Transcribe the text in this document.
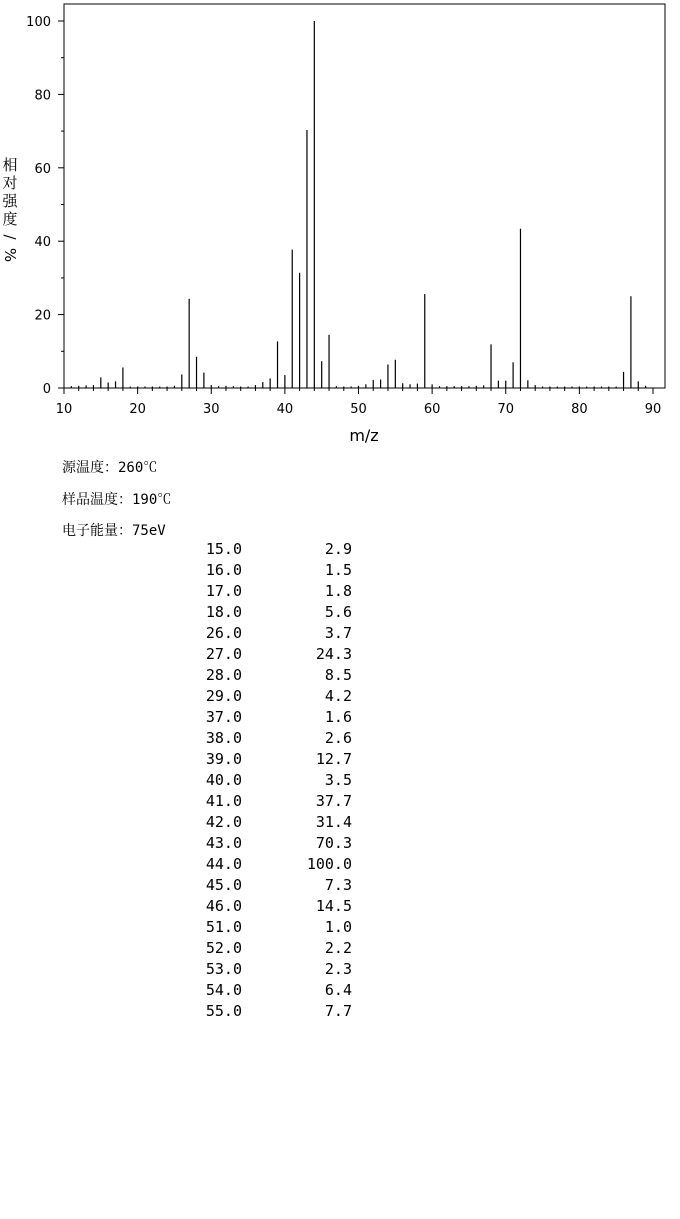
10	20	30	40	50	60	70	80	90
0
20
40
60
80
100
m/z
相
对
强
度
/
%
源温度：260℃
样品温度：190℃
电子能量：75eV
15.0	2.9
16.0	1.5
17.0	1.8
18.0	5.6
26.0	3.7
27.0	24.3
28.0	8.5
29.0	4.2
37.0	1.6
38.0	2.6
39.0	12.7
40.0	3.5
41.0	37.7
42.0	31.4
43.0	70.3
44.0	100.0
45.0	7.3
46.0	14.5
51.0	1.0
52.0	2.2
53.0	2.3
54.0	6.4
55.0	7.7
